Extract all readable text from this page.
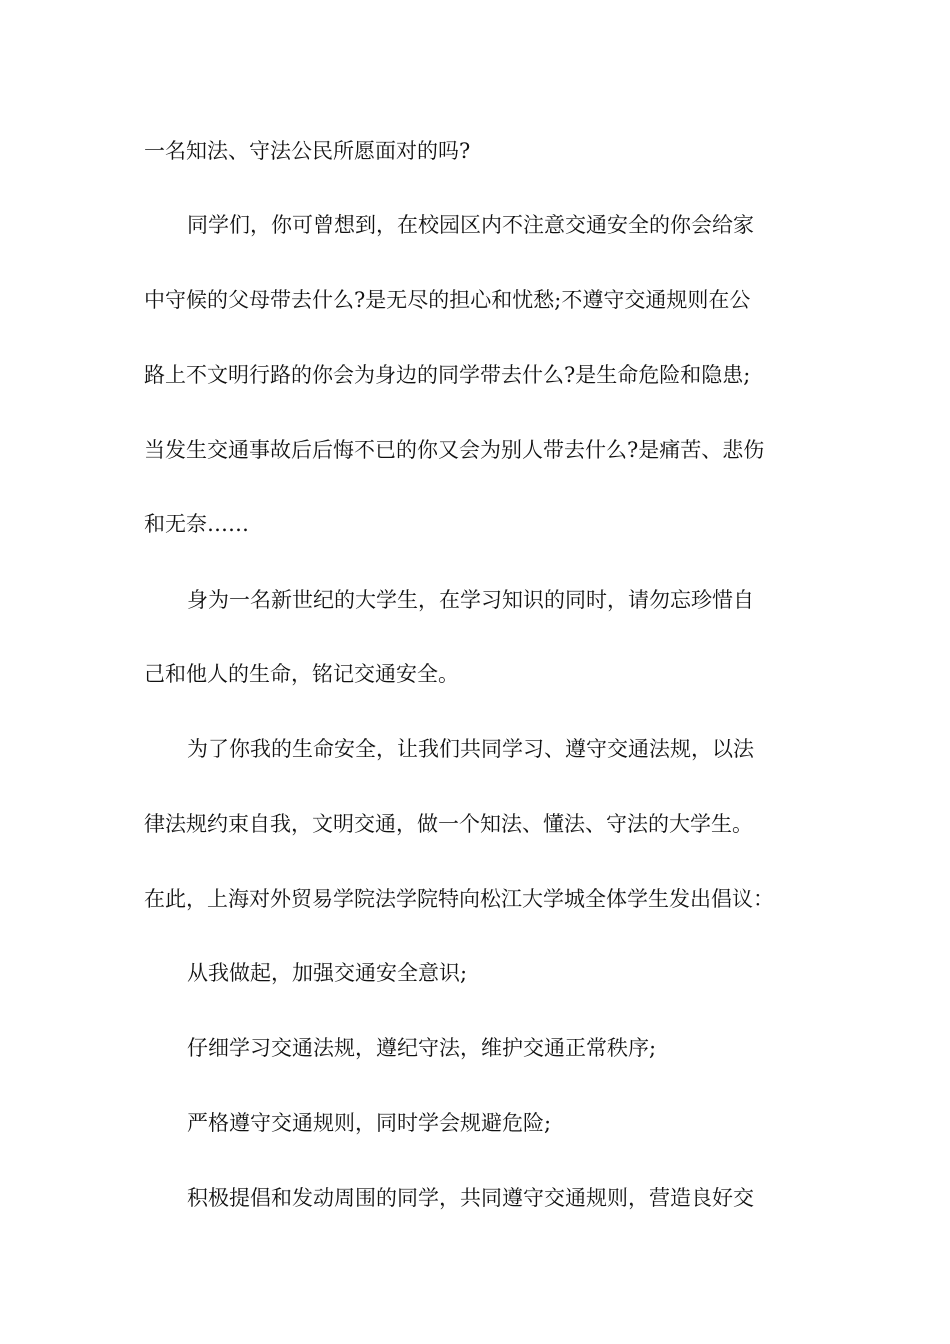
一名知法、守法公民所愿面对的吗?
同学们，你可曾想到，在校园区内不注意交通安全的你会给家
中守候的父母带去什么?是无尽的担心和忧愁;不遵守交通规则在公
路上不文明行路的你会为身边的同学带去什么?是生命危险和隐患;
当发生交通事故后后悔不已的你又会为别人带去什么?是痛苦、悲伤
和无奈……
身为一名新世纪的大学生，在学习知识的同时，请勿忘珍惜自
己和他人的生命，铭记交通安全。
为了你我的生命安全，让我们共同学习、遵守交通法规，以法
律法规约束自我，文明交通，做一个知法、懂法、守法的大学生。
在此，上海对外贸易学院法学院特向松江大学城全体学生发出倡议：
从我做起，加强交通安全意识;
仔细学习交通法规，遵纪守法，维护交通正常秩序;
严格遵守交通规则，同时学会规避危险;
积极提倡和发动周围的同学，共同遵守交通规则，营造良好交
